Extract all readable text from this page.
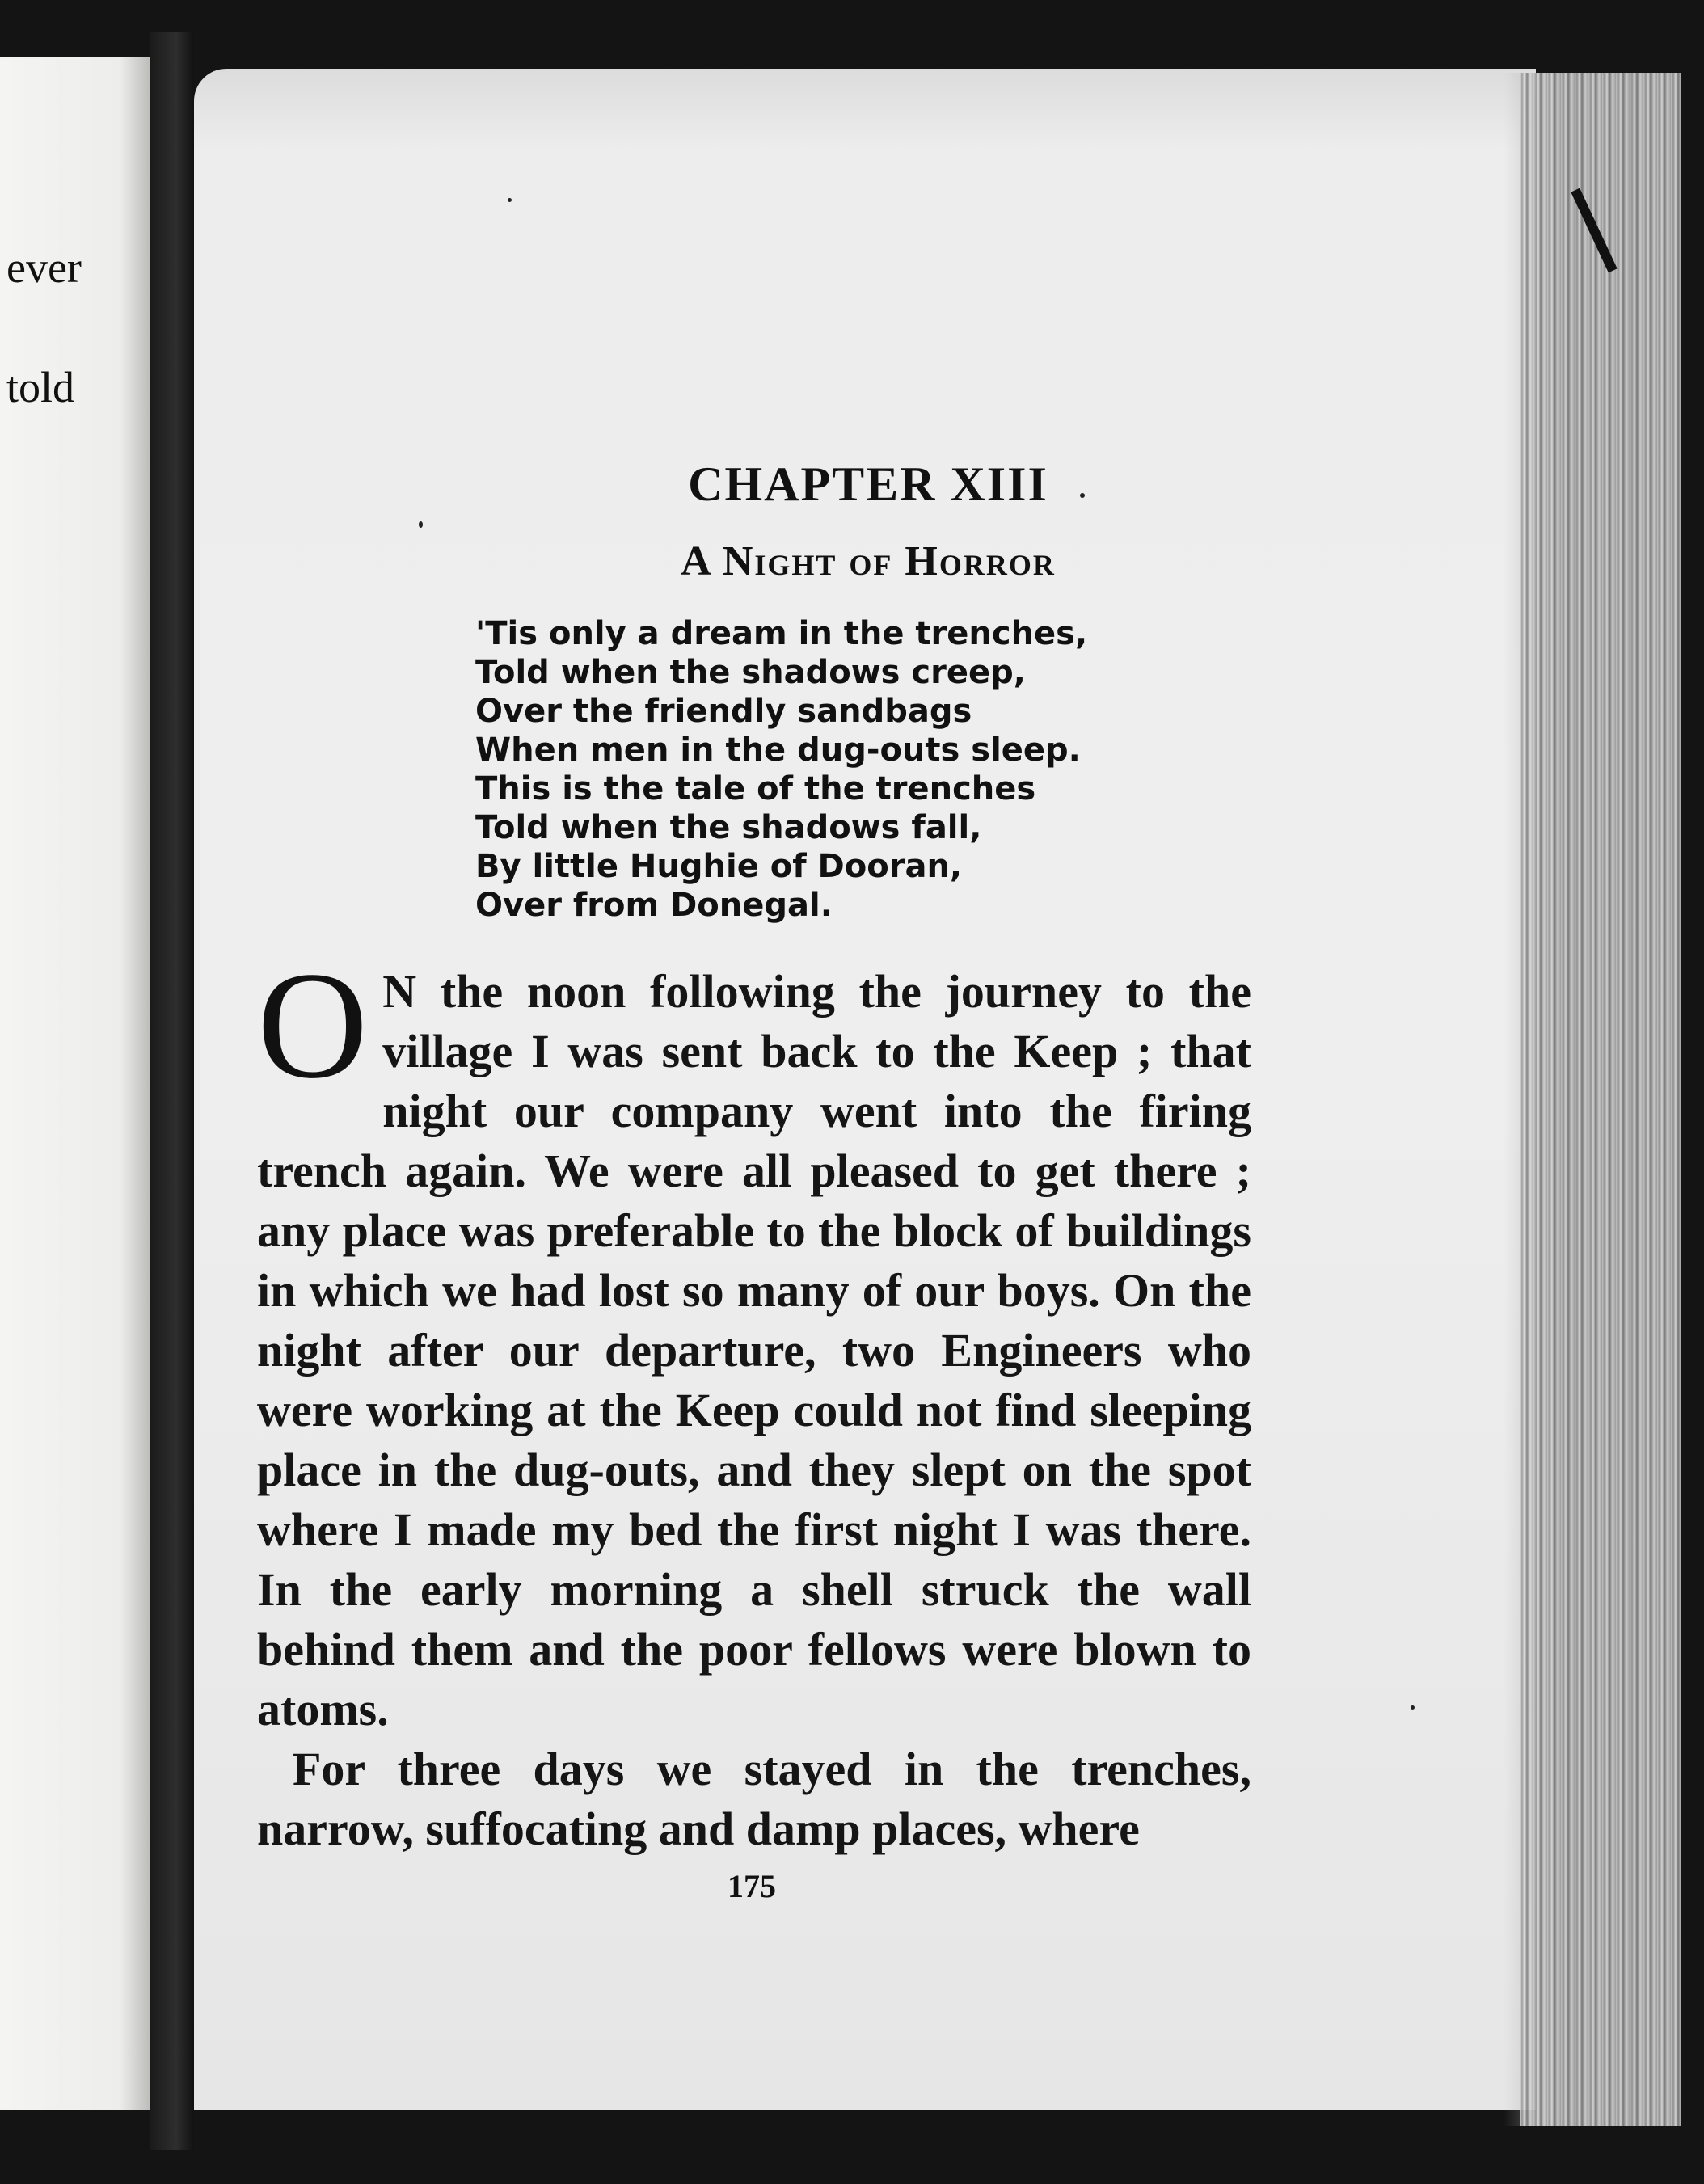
ever
told
CHAPTER XIII
A Night of Horror
'Tis only a dream in the trenches,
Told when the shadows creep,
Over the friendly sandbags
When men in the dug-outs sleep.
This is the tale of the trenches
Told when the shadows fall,
By little Hughie of Dooran,
Over from Donegal.

O N the noon following the journey to the village I was sent back to the Keep ; that night our company went into the firing trench again. We were all pleased to get there ; any place was preferable to the block of buildings in which we had lost so many of our boys. On the night after our departure, two Engineers who were working at the Keep could not find sleeping place in the dug-outs, and they slept on the spot where I made my bed the first night I was there. In the early morning a shell struck the wall behind them and the poor fellows were blown to atoms.

For three days we stayed in the trenches, narrow, suffocating and damp places, where

175
